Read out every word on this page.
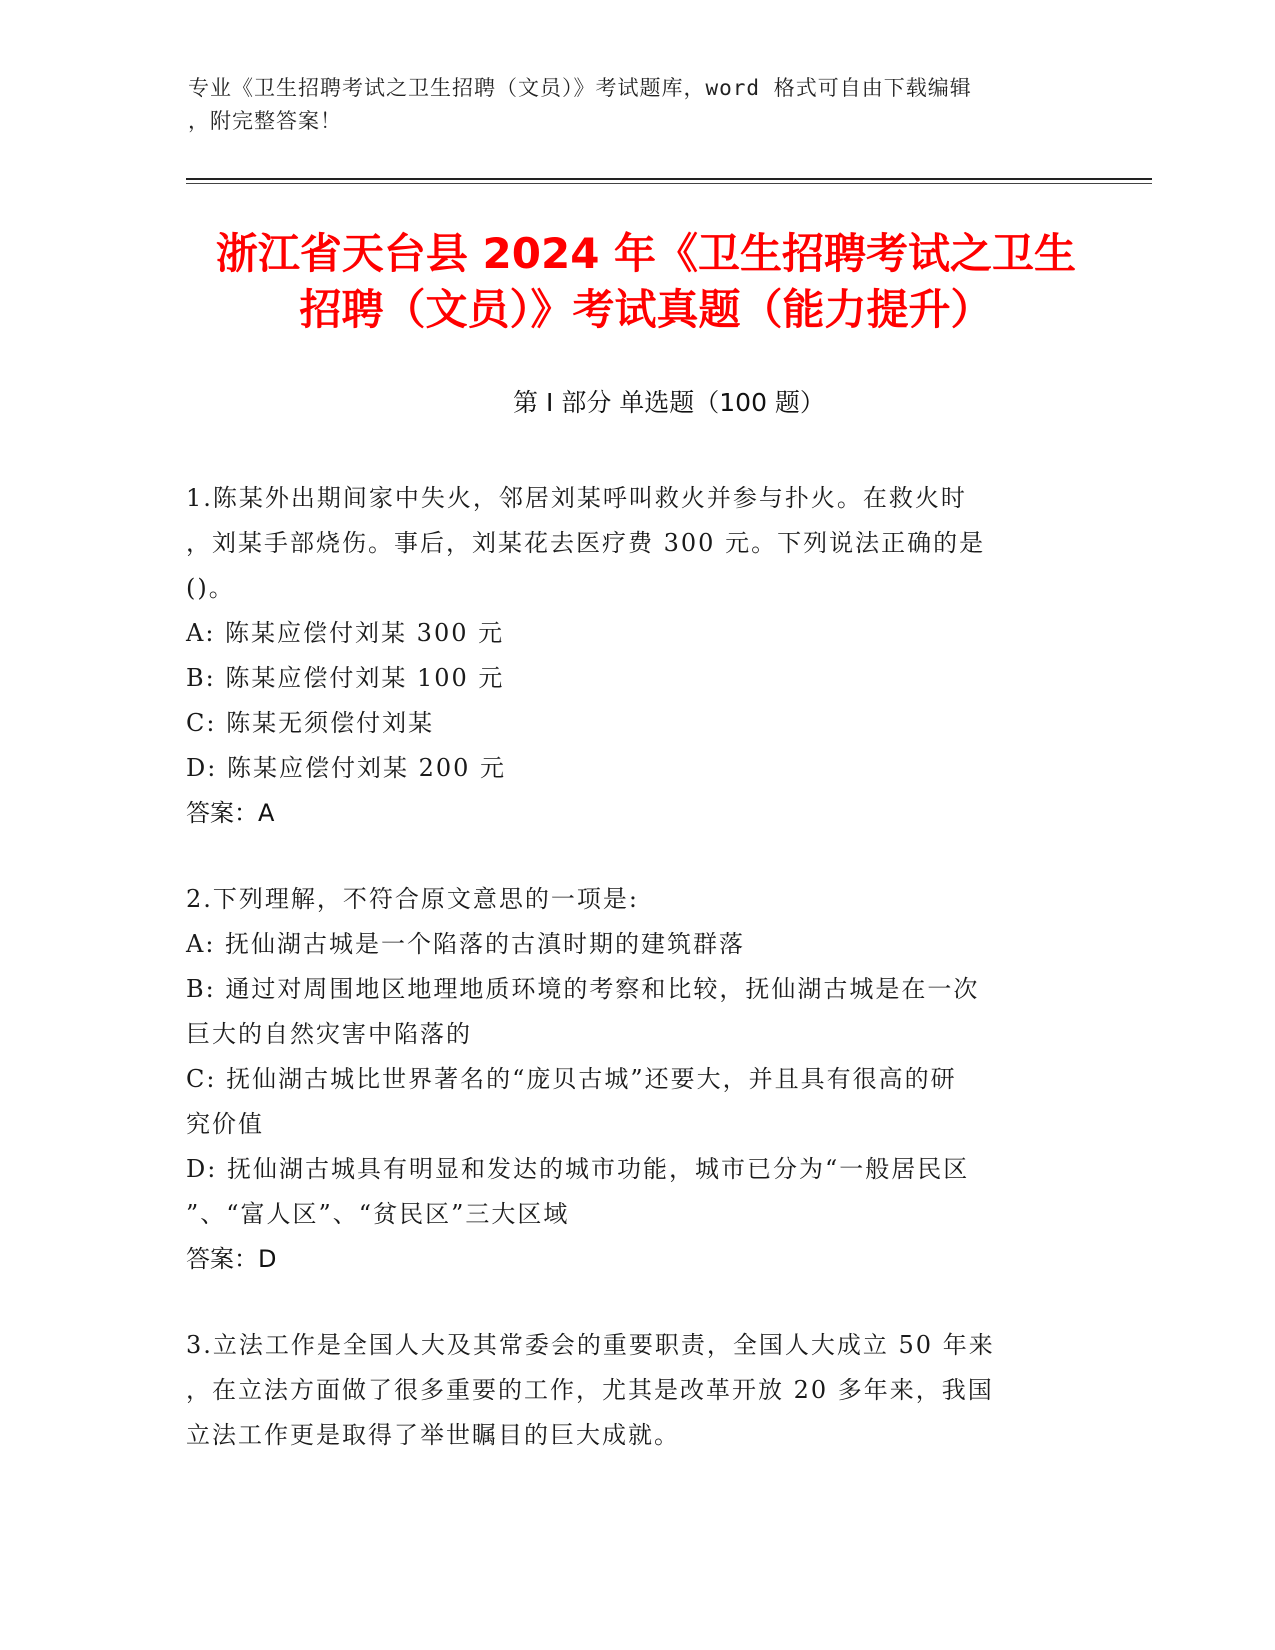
专业《卫生招聘考试之卫生招聘（文员）》考试题库，word 格式可自由下载编辑
，附完整答案！
浙江省天台县 2024 年《卫生招聘考试之卫生
招聘（文员）》考试真题（能力提升）
第 I 部分 单选题（100 题）
1.陈某外出期间家中失火，邻居刘某呼叫救火并参与扑火。在救火时
，刘某手部烧伤。事后，刘某花去医疗费 300 元。下列说法正确的是
()。
A: 陈某应偿付刘某 300 元
B: 陈某应偿付刘某 100 元
C: 陈某无须偿付刘某
D: 陈某应偿付刘某 200 元
答案：A
2.下列理解，不符合原文意思的一项是:
A: 抚仙湖古城是一个陷落的古滇时期的建筑群落
B: 通过对周围地区地理地质环境的考察和比较，抚仙湖古城是在一次
巨大的自然灾害中陷落的
C: 抚仙湖古城比世界著名的“庞贝古城”还要大，并且具有很高的研
究价值
D: 抚仙湖古城具有明显和发达的城市功能，城市已分为“一般居民区
”、“富人区”、“贫民区”三大区域
答案：D
3.立法工作是全国人大及其常委会的重要职责，全国人大成立 50 年来
，在立法方面做了很多重要的工作，尤其是改革开放 20 多年来，我国
立法工作更是取得了举世瞩目的巨大成就。
